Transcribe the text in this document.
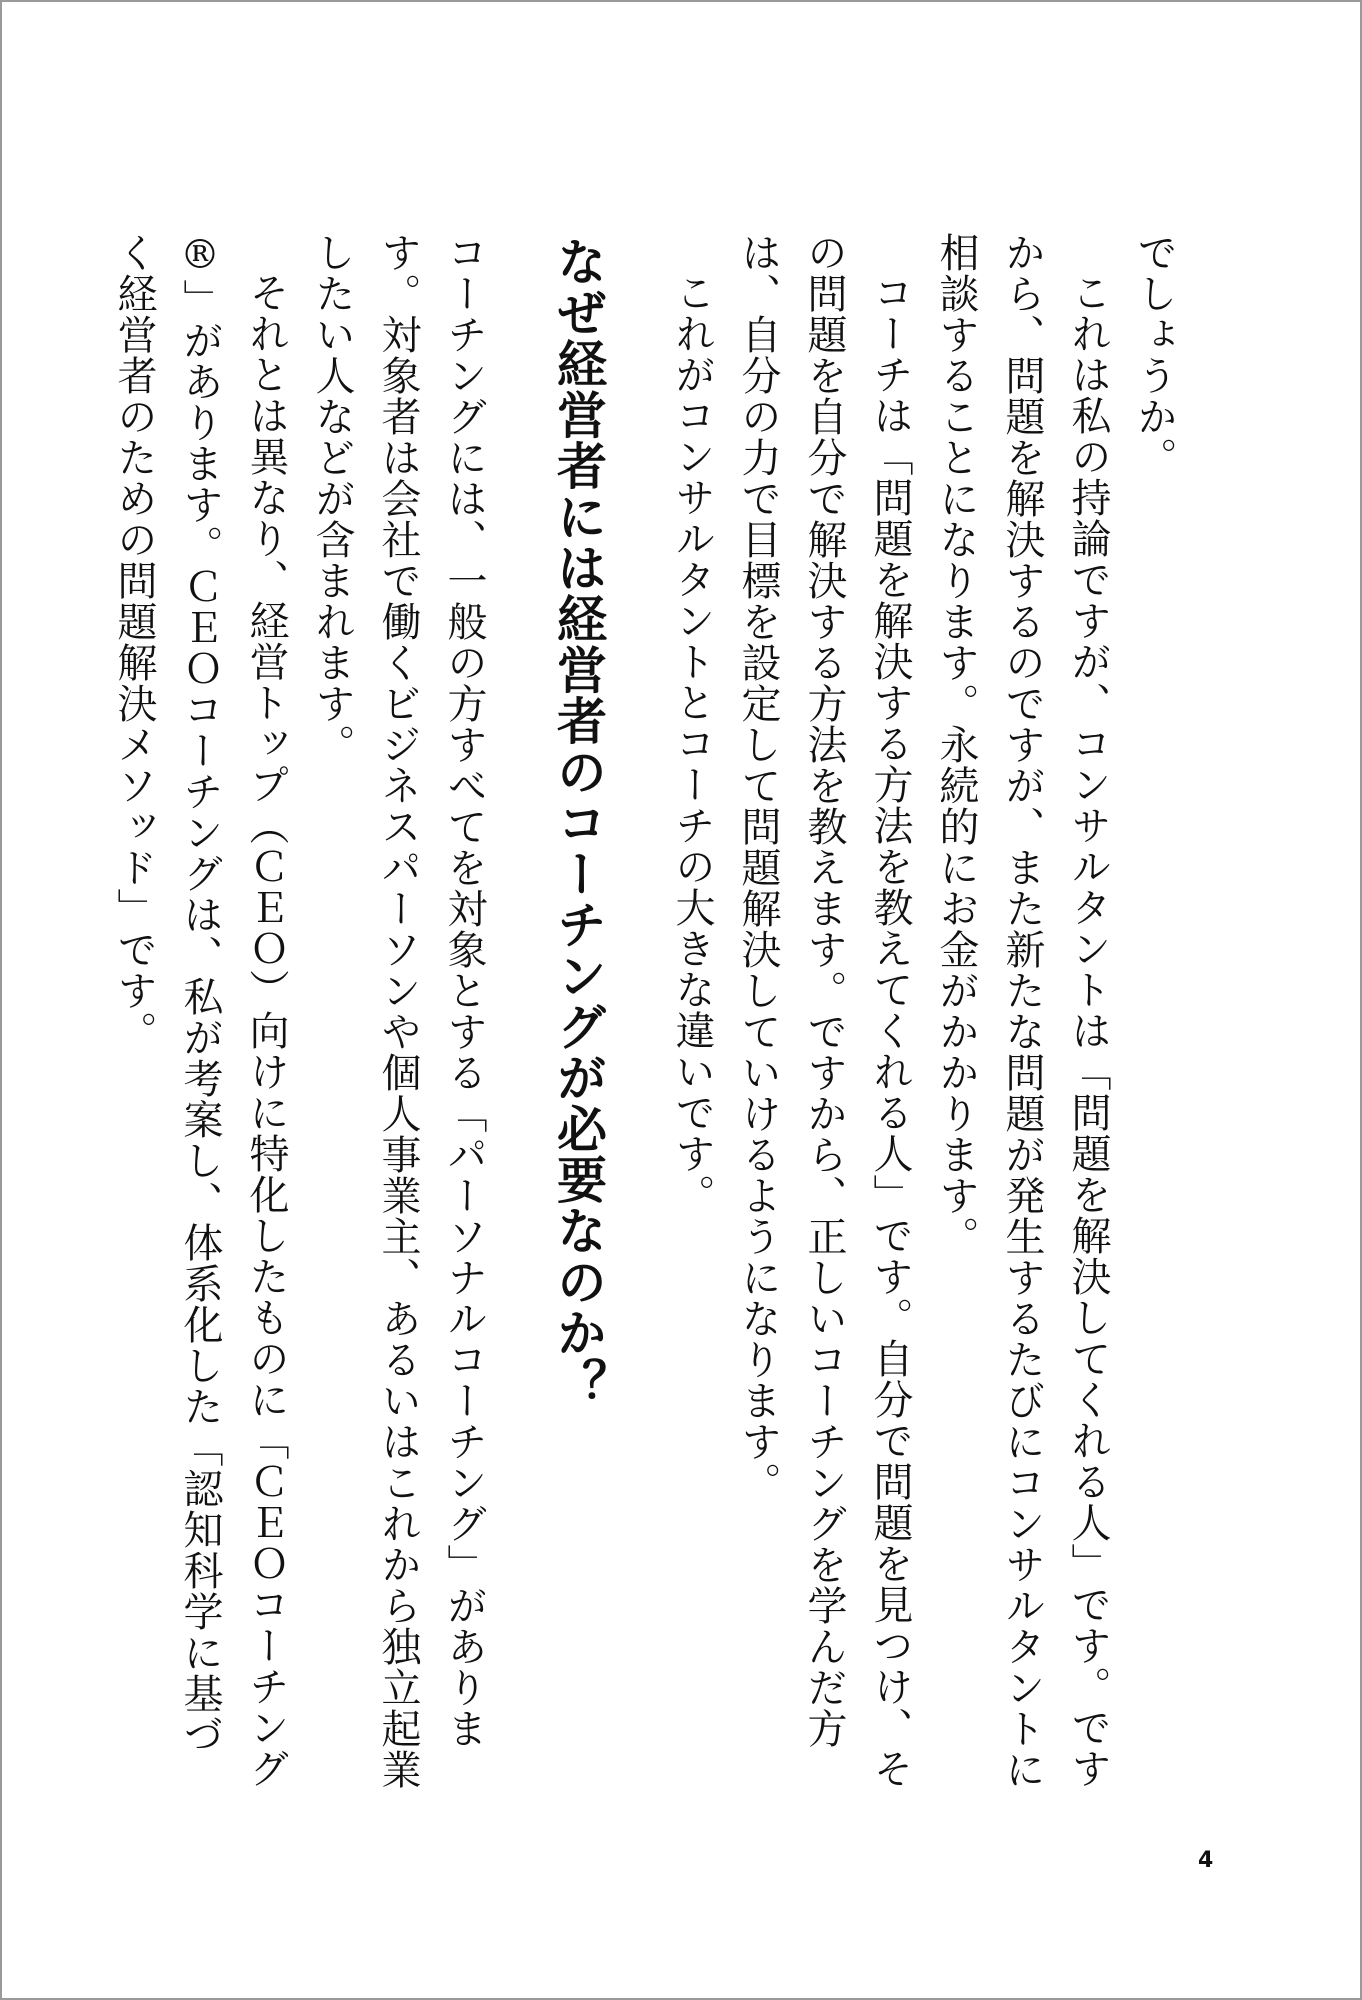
でしょうか。

これは私の持論ですが、コンサルタントは「問題を解決してくれる人」です。ですから、問題を解決するのですが、また新たな問題が発生するたびにコンサルタントに相談することになります。永続的にお金がかかります。

コーチは「問題を解決する方法を教えてくれる人」です。自分で問題を見つけ、その問題を自分で解決する方法を教えます。ですから、正しいコーチングを学んだ方は、自分の力で目標を設定して問題解決していけるようになります。

これがコンサルタントとコーチの大きな違いです。

なぜ経営者には経営者のコーチングが必要なのか？

コーチングには、一般の方すべてを対象とする「パーソナルコーチング」があります。対象者は会社で働くビジネスパーソンや個人事業主、あるいはこれから独立起業したい人などが含まれます。

それとは異なり、経営トップ（ＣＥＯ）向けに特化したものに「ＣＥＯコーチング®」があります。ＣＥＯコーチングは、私が考案し、体系化した「認知科学に基づく経営者のための問題解決メソッド」です。

4
